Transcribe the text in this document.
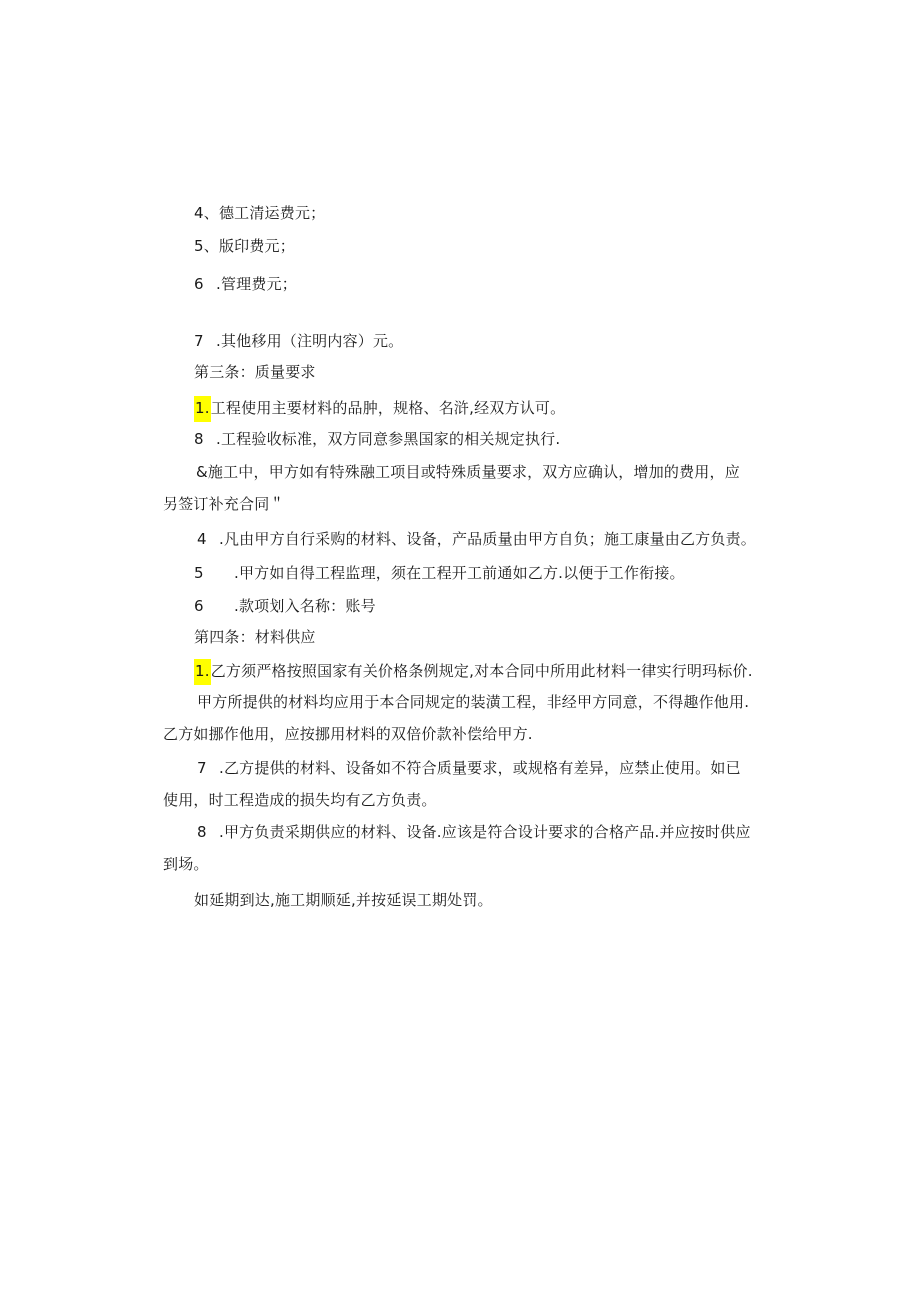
4、德工清运费元；
5、版印费元；
6 .管理费元；
7 .其他移用（注明内容）元。
第三条：质量要求
1.工程使用主要材料的品肿，规格、名浒,经双方认可。
8 .工程验收标准，双方同意参黑国家的相关规定执行.
&施工中，甲方如有特殊融工项目或特殊质量要求，双方应确认，增加的费用，应
另签订补充合同＂
4 .凡由甲方自行采购的材料、设备，产品质量由甲方自负；施工康量由乙方负责。
5 .甲方如自得工程监理，须在工程开工前通如乙方.以便于工作衔接。
6 .款项划入名称：账号
第四条：材料供应
1.乙方须严格按照国家有关价格条例规定,对本合同中所用此材料一律实行明玛标价.
甲方所提供的材料均应用于本合同规定的装潢工程，非经甲方同意，不得趣作他用.
乙方如挪作他用，应按挪用材料的双倍价款补偿给甲方.
7 .乙方提供的材料、设备如不符合质量要求，或规格有差异，应禁止使用。如已
使用，时工程造成的损失均有乙方负责。
8 .甲方负责采期供应的材料、设备.应该是符合设计要求的合格产品.并应按时供应
到场。
如延期到达,施工期顺延,并按延误工期处罚。
